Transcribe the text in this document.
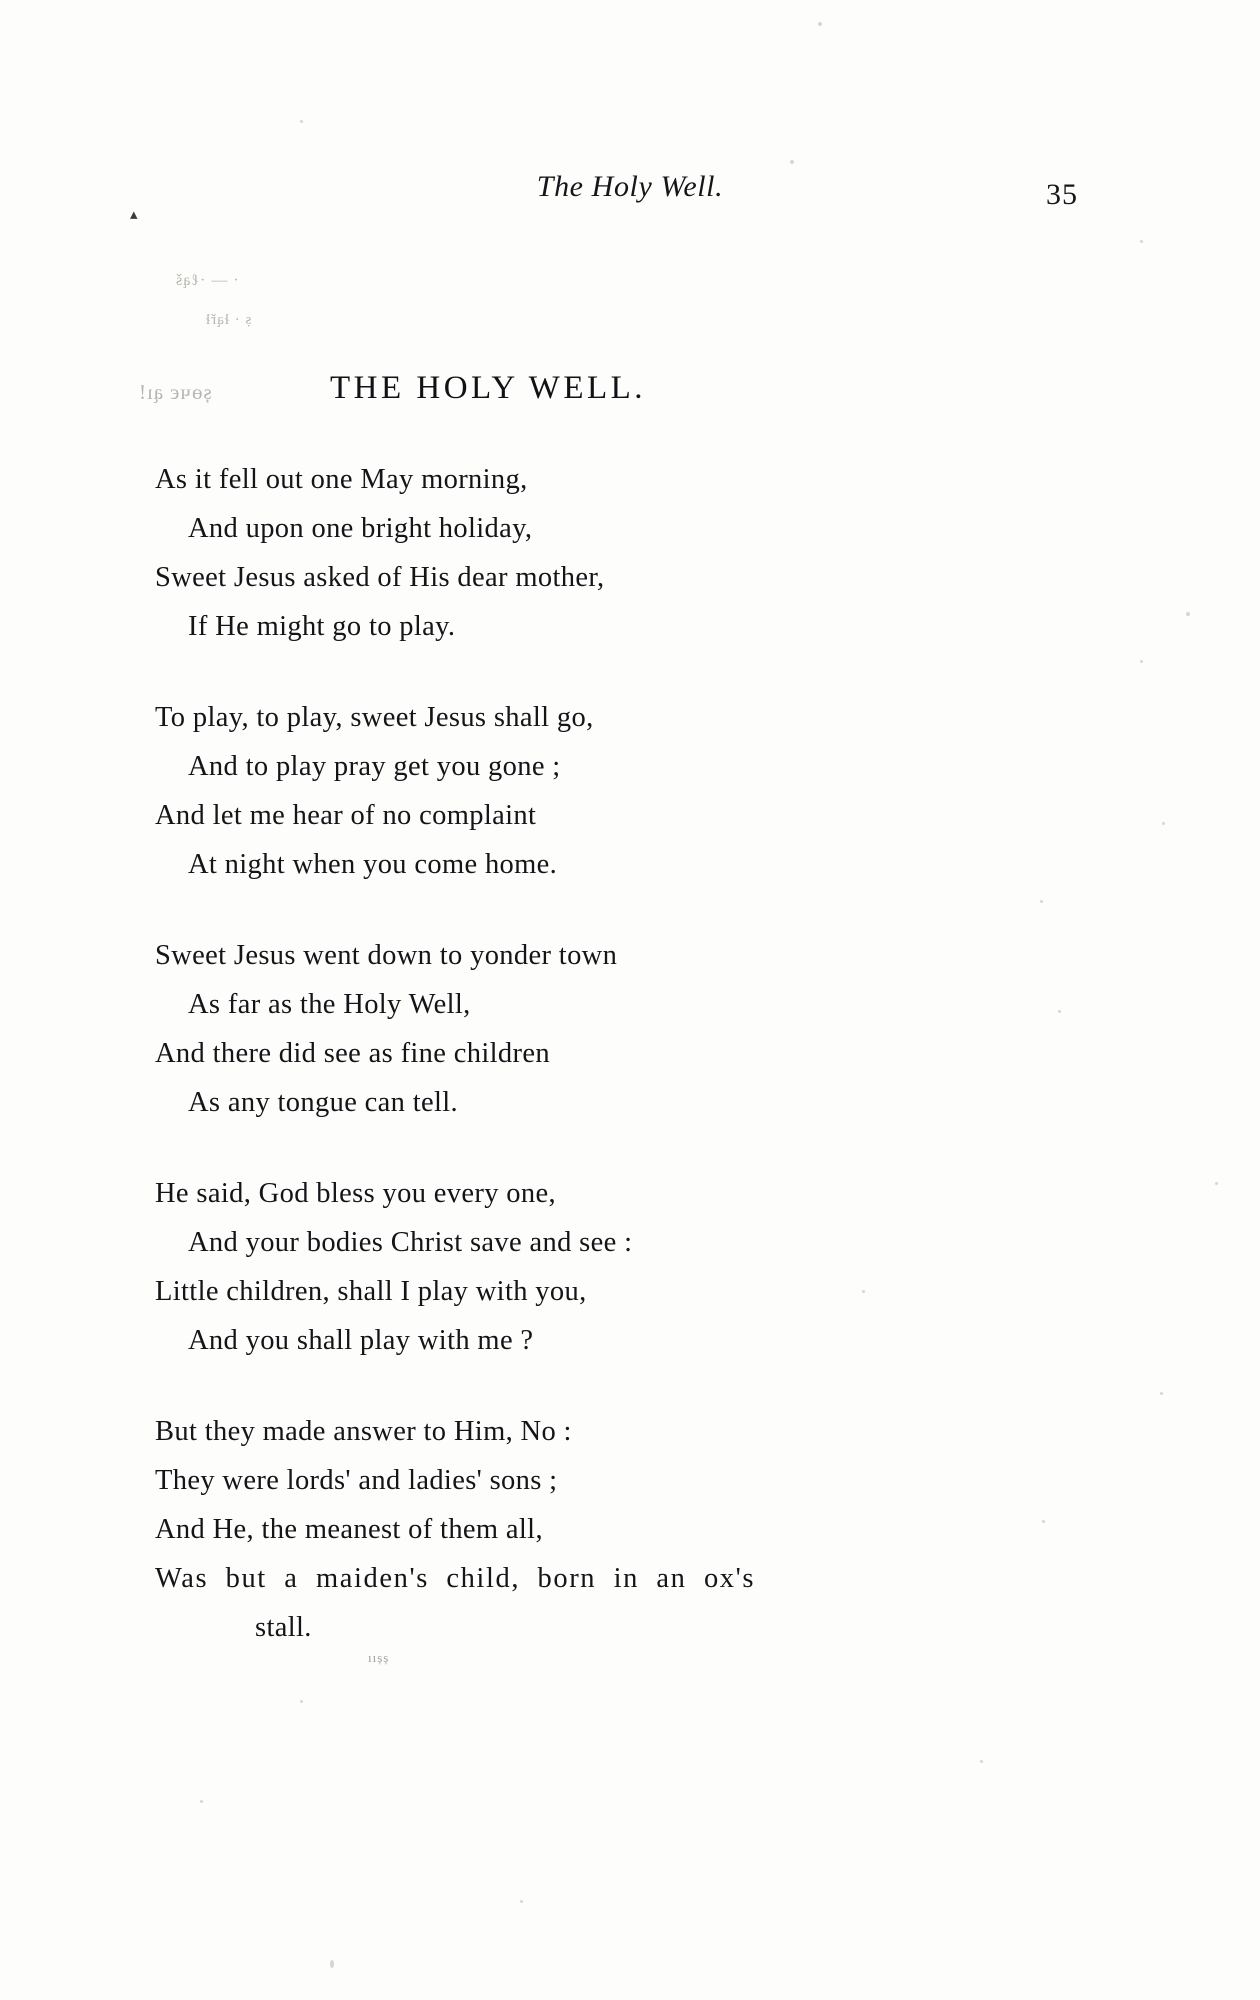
The Holy Well.	35
▴
· — ·ℓąš
ṣ · łąřł
șөчє ąı!	THE HOLY WELL.
As it fell out one May morning,
And upon one bright holiday,
Sweet Jesus asked of His dear mother,
If He might go to play.
To play, to play, sweet Jesus shall go,
And to play pray get you gone ;
And let me hear of no complaint
At night when you come home.
Sweet Jesus went down to yonder town
As far as the Holy Well,
And there did see as fine children
As any tongue can tell.
He said, God bless you every one,
And your bodies Christ save and see :
Little children, shall I play with you,
And you shall play with me ?
But they made answer to Him, No :
They were lords' and ladies' sons ;
And He, the meanest of them all,
Was  but  a  maiden's  child,  born  in  an  ox's
stall.
ııșș
